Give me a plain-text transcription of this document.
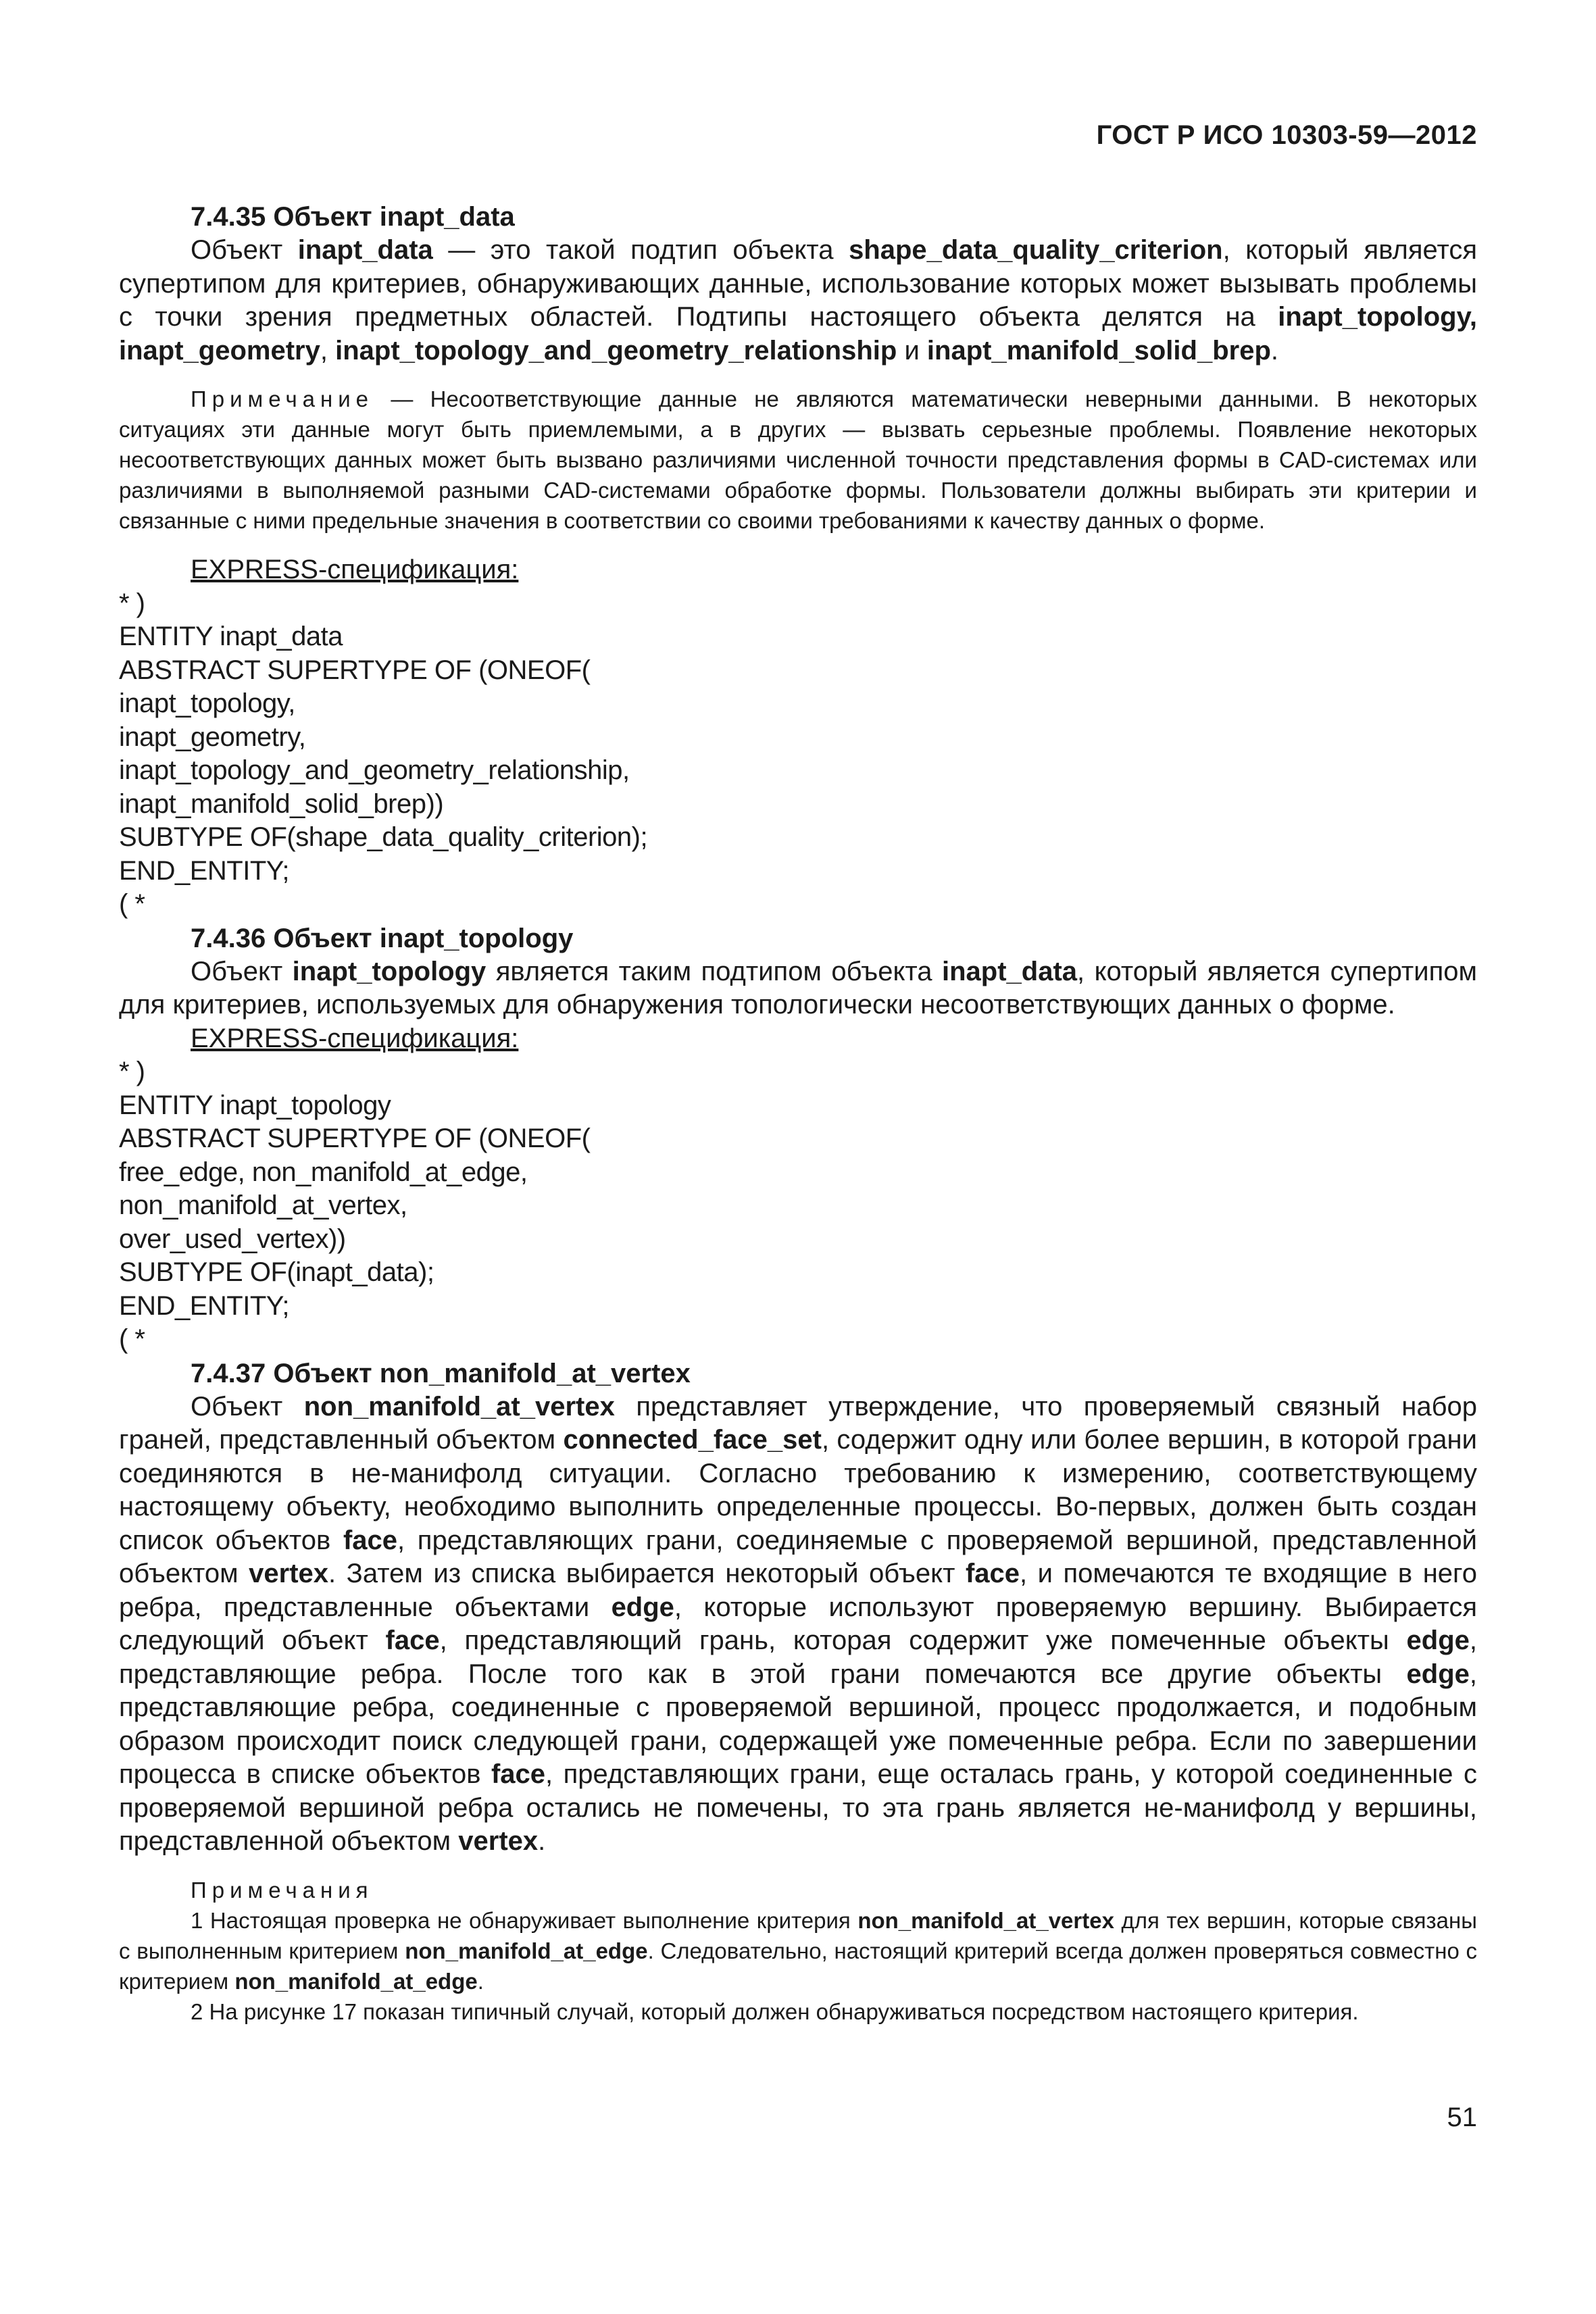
ГОСТ Р ИСО 10303-59—2012
7.4.35 Объект inapt_data

Объект inapt_data — это такой подтип объекта shape_data_quality_criterion, который является супертипом для критериев, обнаруживающих данные, использование которых может вызывать проблемы с точки зрения предметных областей. Подтипы настоящего объекта делятся на inapt_topology, inapt_geometry, inapt_topology_and_geometry_relationship и inapt_manifold_solid_brep.

Примечание — Несоответствующие данные не являются математически неверными данными. В некоторых ситуациях эти данные могут быть приемлемыми, а в других — вызвать серьезные проблемы. Появление некоторых несоответствующих данных может быть вызвано различиями численной точности представления формы в CAD-системах или различиями в выполняемой разными CAD-системами обработке формы. Пользователи должны выбирать эти критерии и связанные с ними предельные значения в соответствии со своими требованиями к качеству данных о форме.

EXPRESS-спецификация:

* )
ENTITY inapt_data
ABSTRACT SUPERTYPE OF (ONEOF(
inapt_topology,
inapt_geometry,
inapt_topology_and_geometry_relationship,
inapt_manifold_solid_brep))
SUBTYPE OF(shape_data_quality_criterion);
END_ENTITY;
( *
7.4.36 Объект inapt_topology

Объект inapt_topology является таким подтипом объекта inapt_data, который является супертипом для критериев, используемых для обнаружения топологически несоответствующих данных о форме.

EXPRESS-спецификация:

* )
ENTITY inapt_topology
ABSTRACT SUPERTYPE OF (ONEOF(
free_edge, non_manifold_at_edge,
non_manifold_at_vertex,
over_used_vertex))
SUBTYPE OF(inapt_data);
END_ENTITY;
( *
7.4.37 Объект non_manifold_at_vertex

Объект non_manifold_at_vertex представляет утверждение, что проверяемый связный набор граней, представленный объектом connected_face_set, содержит одну или более вершин, в которой грани соединяются в не-манифолд ситуации. Согласно требованию к измерению, соответствующему настоящему объекту, необходимо выполнить определенные процессы. Во-первых, должен быть создан список объектов face, представляющих грани, соединяемые с проверяемой вершиной, представленной объектом vertex. Затем из списка выбирается некоторый объект face, и помечаются те входящие в него ребра, представленные объектами edge, которые используют проверяемую вершину. Выбирается следующий объект face, представляющий грань, которая содержит уже помеченные объекты edge, представляющие ребра. После того как в этой грани помечаются все другие объекты edge, представляющие ребра, соединенные с проверяемой вершиной, процесс продолжается, и подобным образом происходит поиск следующей грани, содержащей уже помеченные ребра. Если по завершении процесса в списке объектов face, представляющих грани, еще осталась грань, у которой соединенные с проверяемой вершиной ребра остались не помечены, то эта грань является не-манифолд у вершины, представленной объектом vertex.

Примечания

1 Настоящая проверка не обнаруживает выполнение критерия non_manifold_at_vertex для тех вершин, которые связаны с выполненным критерием non_manifold_at_edge. Следовательно, настоящий критерий всегда должен проверяться совместно с критерием non_manifold_at_edge.

2 На рисунке 17 показан типичный случай, который должен обнаруживаться посредством настоящего критерия.

51
